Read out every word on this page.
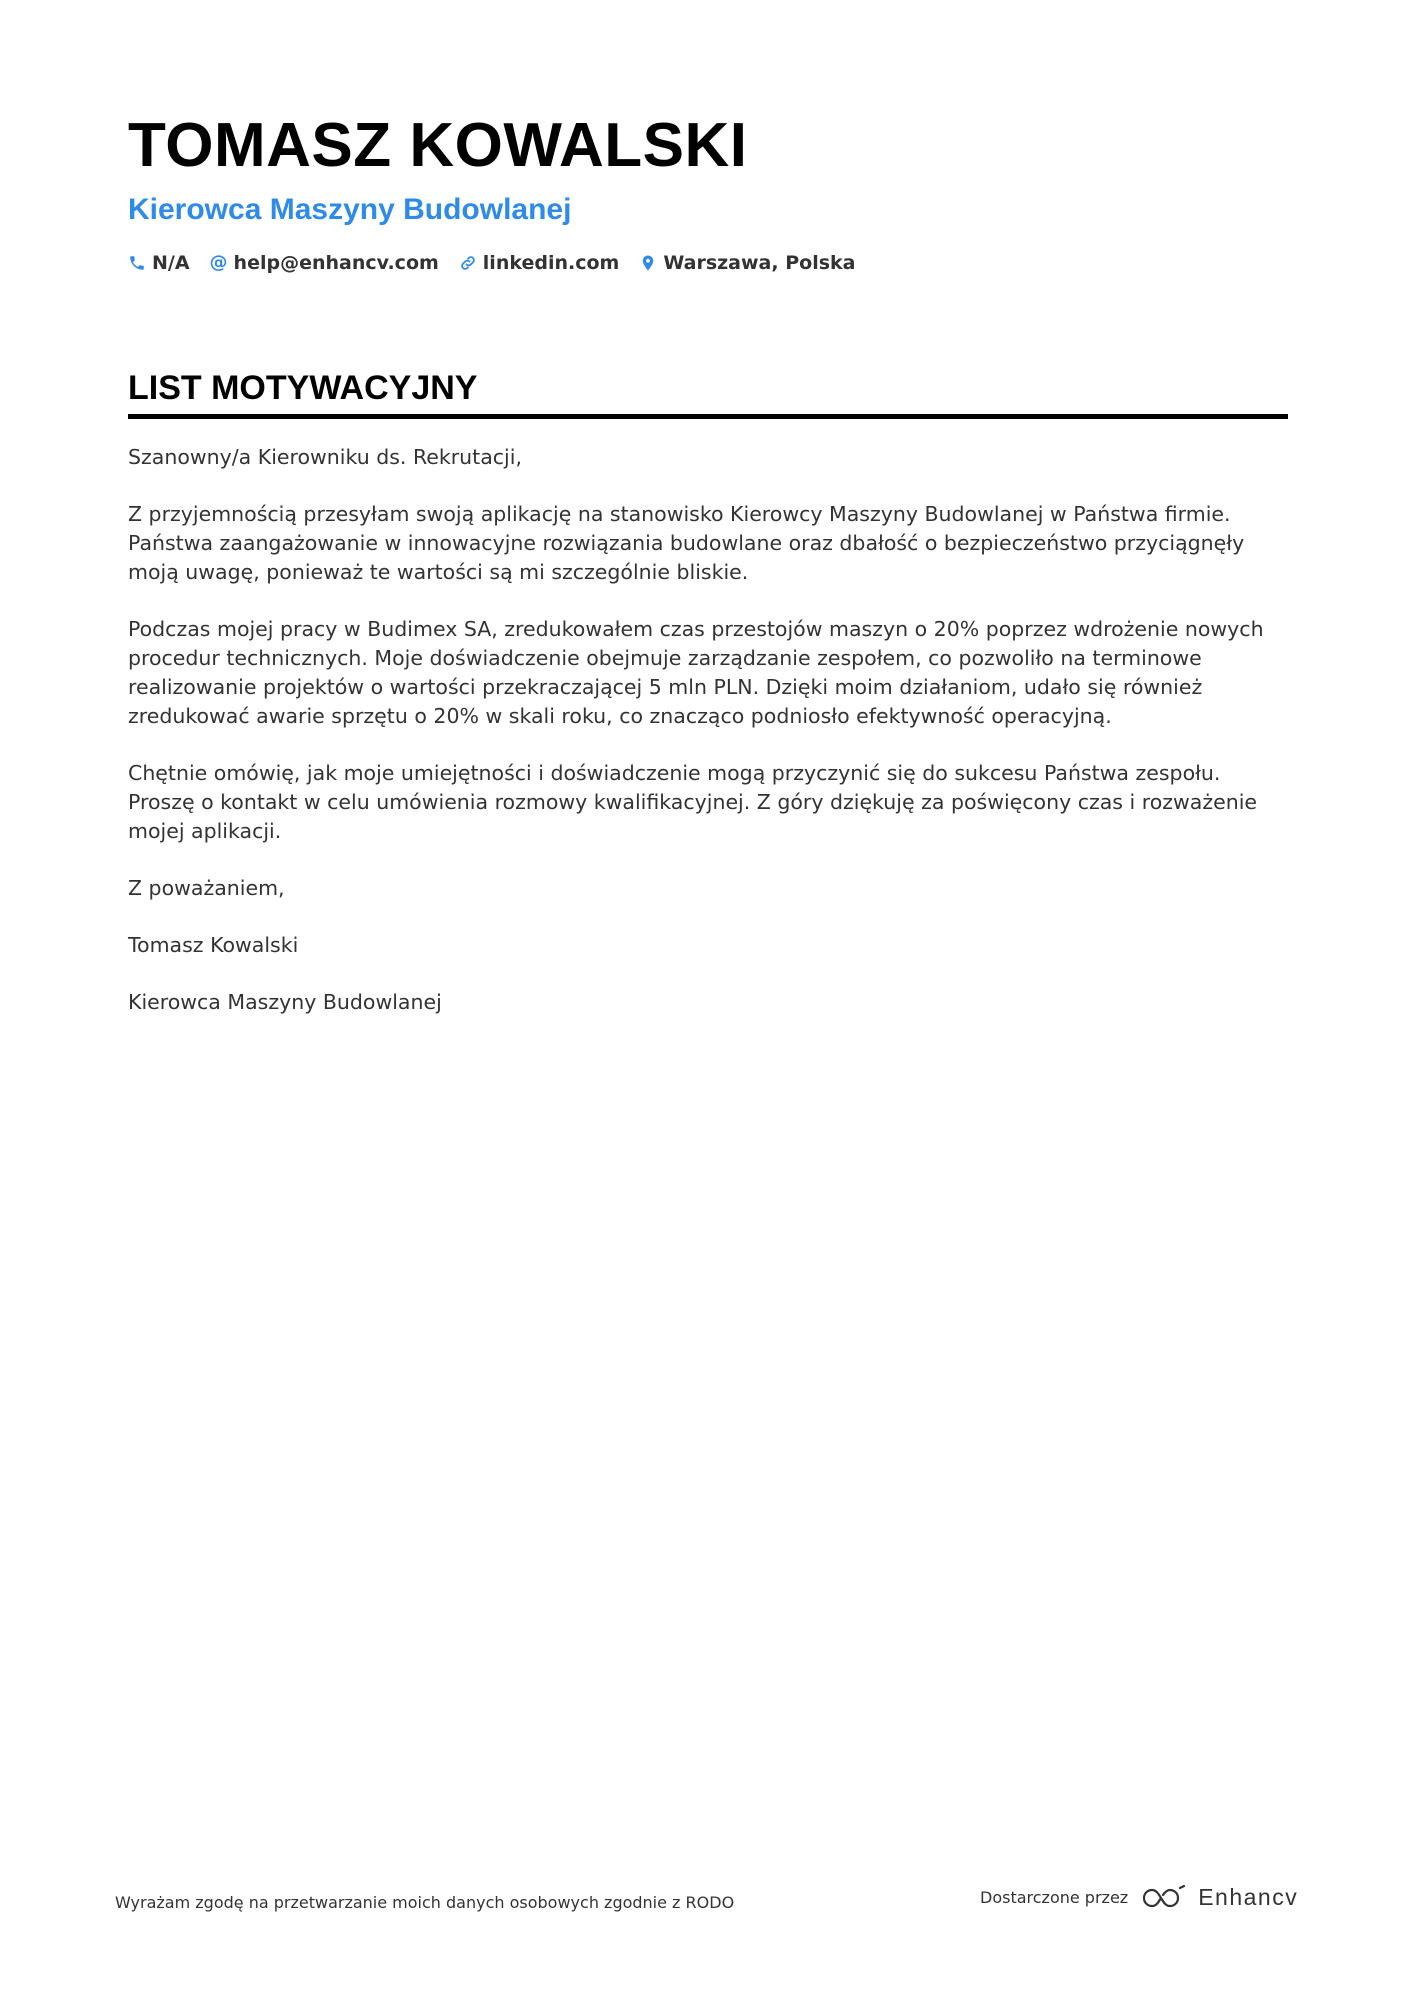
TOMASZ KOWALSKI
Kierowca Maszyny Budowlanej
N/A @ help@enhancv.com linkedin.com Warszawa, Polska
LIST MOTYWACYJNY

Szanowny/a Kierowniku ds. Rekrutacji,

Z przyjemnością przesyłam swoją aplikację na stanowisko Kierowcy Maszyny Budowlanej w Państwa firmie. Państwa zaangażowanie w innowacyjne rozwiązania budowlane oraz dbałość o bezpieczeństwo przyciągnęły moją uwagę, ponieważ te wartości są mi szczególnie bliskie.

Podczas mojej pracy w Budimex SA, zredukowałem czas przestojów maszyn o 20% poprzez wdrożenie nowych procedur technicznych. Moje doświadczenie obejmuje zarządzanie zespołem, co pozwoliło na terminowe realizowanie projektów o wartości przekraczającej 5 mln PLN. Dzięki moim działaniom, udało się również zredukować awarie sprzętu o 20% w skali roku, co znacząco podniosło efektywność operacyjną.

Chętnie omówię, jak moje umiejętności i doświadczenie mogą przyczynić się do sukcesu Państwa zespołu. Proszę o kontakt w celu umówienia rozmowy kwalifikacyjnej. Z góry dziękuję za poświęcony czas i rozważenie mojej aplikacji.

Z poważaniem,

Tomasz Kowalski

Kierowca Maszyny Budowlanej

Wyrażam zgodę na przetwarzanie moich danych osobowych zgodnie z RODO	Dostarczone przez	Enhancv
